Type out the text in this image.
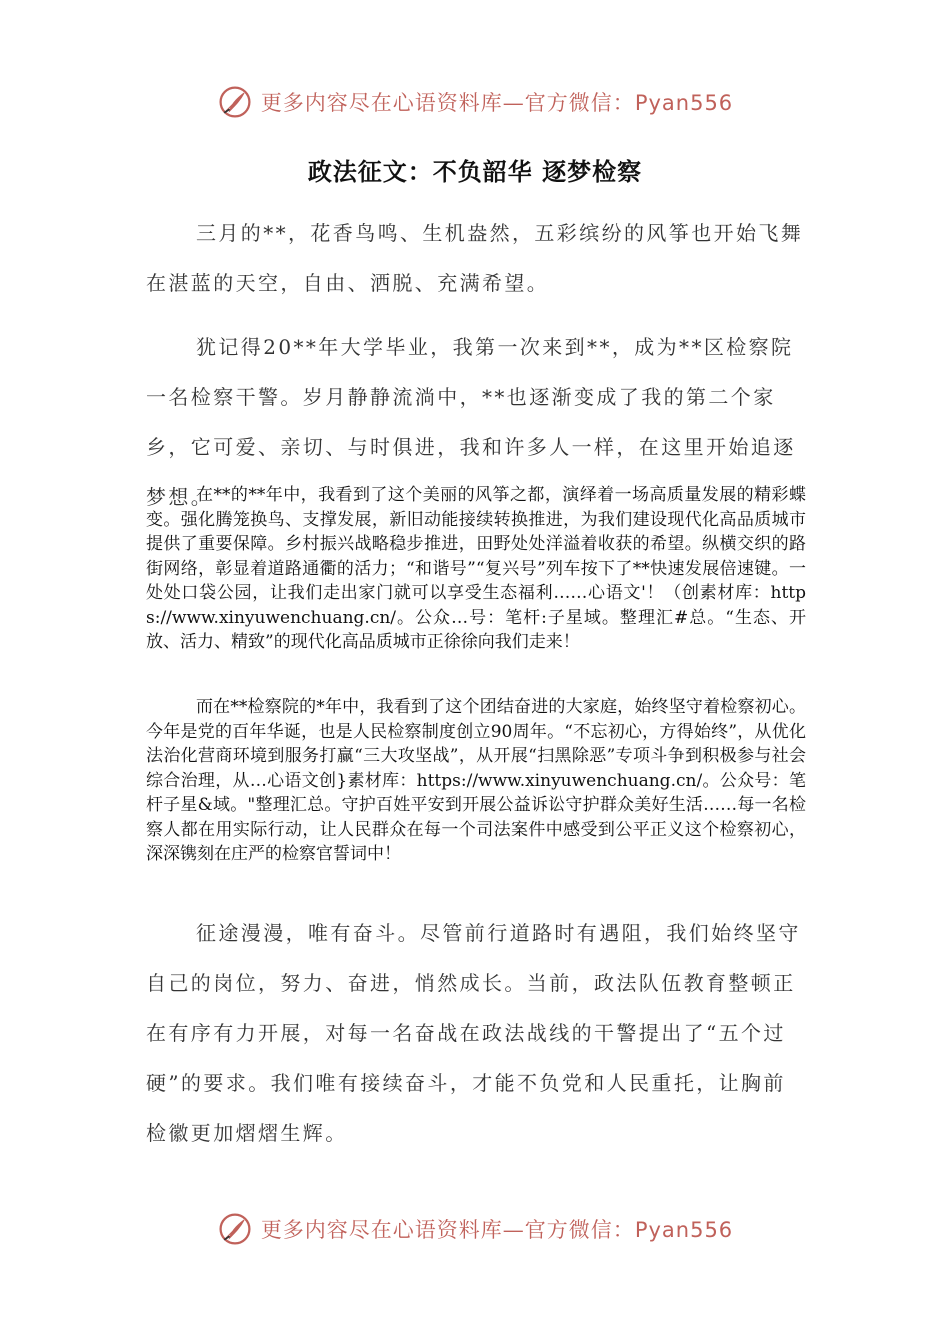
更多内容尽在心语资料库—官方微信：Pyan556
政法征文：不负韶华 逐梦检察

三月的**，花香鸟鸣、生机盎然，五彩缤纷的风筝也开始飞舞在湛蓝的天空，自由、洒脱、充满希望。

犹记得20**年大学毕业，我第一次来到**，成为**区检察院一名检察干警。岁月静静流淌中，**也逐渐变成了我的第二个家乡，它可爱、亲切、与时俱进，我和许多人一样，在这里开始追逐梦想。

在**的**年中，我看到了这个美丽的风筝之都，演绎着一场高质量发展的精彩蝶变。强化腾笼换鸟、支撑发展，新旧动能接续转换推进，为我们建设现代化高品质城市提供了重要保障。乡村振兴战略稳步推进，田野处处洋溢着收获的希望。纵横交织的路街网络，彰显着道路通衢的活力；“和谐号”“复兴号”列车按下了**快速发展倍速键。一处处口袋公园，让我们走出家门就可以享受生态福利……心语文'！（创素材库：https://www.xinyuwenchuang.cn/。公众…号：笔杆:子星域。整理汇#总。“生态、开放、活力、精致”的现代化高品质城市正徐徐向我们走来！

而在**检察院的*年中，我看到了这个团结奋进的大家庭，始终坚守着检察初心。今年是党的百年华诞，也是人民检察制度创立90周年。“不忘初心，方得始终”，从优化法治化营商环境到服务打赢“三大攻坚战”，从开展“扫黑除恶”专项斗争到积极参与社会综合治理，从…心语文创}素材库：https://www.xinyuwenchuang.cn/。公众号：笔杆子星&域。"整理汇总。守护百姓平安到开展公益诉讼守护群众美好生活……每一名检察人都在用实际行动，让人民群众在每一个司法案件中感受到公平正义这个检察初心，深深镌刻在庄严的检察官誓词中！

征途漫漫，唯有奋斗。尽管前行道路时有遇阻，我们始终坚守自己的岗位，努力、奋进，悄然成长。当前，政法队伍教育整顿正在有序有力开展，对每一名奋战在政法战线的干警提出了“五个过硬”的要求。我们唯有接续奋斗，才能不负党和人民重托，让胸前检徽更加熠熠生辉。

更多内容尽在心语资料库—官方微信：Pyan556
